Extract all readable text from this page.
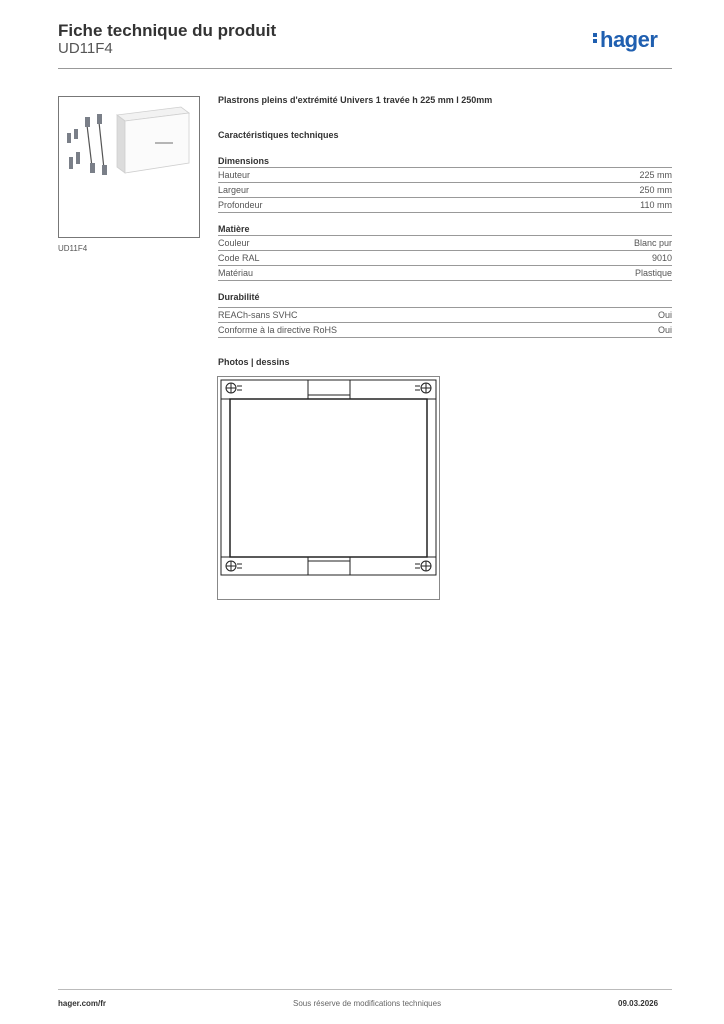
Fiche technique du produit
UD11F4	hager
UD11F4
Plastrons pleins d'extrémité Univers 1 travée h 225 mm l 250mm
Caractéristiques techniques
Dimensions
Hauteur	225 mm
Largeur	250 mm
Profondeur	110 mm
Matière
Couleur	Blanc pur
Code RAL	9010
Matériau	Plastique
Durabilité
REACh-sans SVHC	Oui
Conforme à la directive RoHS	Oui
Photos | dessins
hager.com/fr	Sous réserve de modifications techniques	09.03.2026
